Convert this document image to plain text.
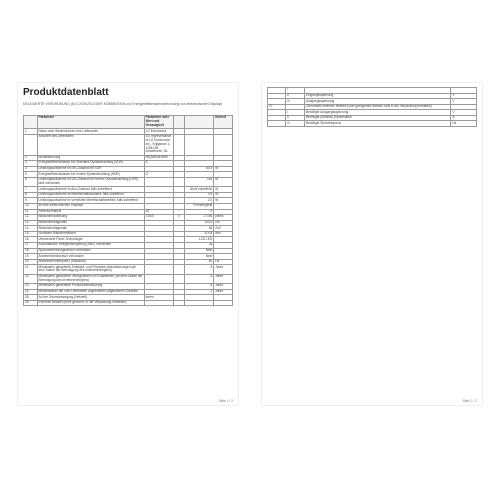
Produktdatenblatt
DELEGIERTE VERORDNUNG (EU) 2019/2013 DER KOMMISSION zur Energieeffizienzkennzeichnung von elektronischen Displays
	Parameter	Parameter oder Wert und Genauigkeit			Einheit
1.	Name oder Warenzeichen des Lieferanten	LG Electronics			
	Anschrift des Lieferanten	EU representative of LG Electronics Inc., Krijgsman 1, 1186 DM Amstelveen, NL			
2.	Modellkennung	65QNED816RE			
3.	Energieeffizienzklasse bei Standard-Dynamikumfang (SDR)	E			
4.	Leistungsaufnahme im Ein-Zustand bei SDR			84,9	W
5.	Energieeffizienzklasse bei hohem Dynamikumfang (HDR)	G			
6.	Leistungsaufnahme im Ein-Zustand bei hohem Dynamikumfang (HDR), falls vorhanden			163	W
7.	Leistungsaufnahme im Aus-Zustand, falls zutreffend			Nicht zutreffend	W
8.	Leistungsaufnahme im Bereitschaftszustand, falls zutreffend			0,5	W
9.	Leistungsaufnahme im vernetzten Bereitschaftsbetrieb, falls zutreffend			2,0	W
10.	Art des elektronischen Displays			Fernsehgerät	
11.	Seitenverhältnis	16	:	9	
12.	Bildschirmauflösung	3 840	x	2 160	pixels
13.	Bildschirmdiagonale			163,9	cm
14.	Bildschirmdiagonale			65	Zoll
15.	Sichtbare Bildschirmfläche			114,8	dm²
16.	Verwendete Panel-Technologie			LCD LED	
17.	Automatische Helligkeitsregelung (ABC) vorhanden			Ja	
18.	Spracherkennungssensor vorhanden			Nein	
19.	Anwesenheitssensor vorhanden			Nein	
20.	Bildwiederholfrequenz (Standard)			60	Hz
21.	Mindestens garantierte Software- und Firmware-Aktualisierungen (ab dem Datum der Beendigung des Inverkehrbringens)			8	Jahre
22.	Mindestens garantierte Verfügbarkeit von Ersatzteilen (ab dem Datum der Beendigung des Inverkehrbringens)			8	Jahre
23.	Mindestens garantierte Produktunterstützung			8	Jahre
24.	Mindestdauer der vom Lieferanten angebotenen allgemeinen Garantie			2	Jahre
25.	Art der Stromversorgung (Netzteil)	Intern			
26.	Externes Netzteil (nicht genormt, in der Verpackung enthalten)				
Seite 1 / 2
	i		
	ii	Eingangsspannung	V
	iii	Ausgangsspannung	V
27.		Genormtes externes Netzteil (oder geeignetes Netzteil, falls in der Verpackung enthalten)	
	i	Benötigte Ausgangsspannung	V
	ii	Benötigte (Mindest-)Stromstärke	A
	iii	Benötigte Stromfrequenz	Hz
Seite 2 / 2
